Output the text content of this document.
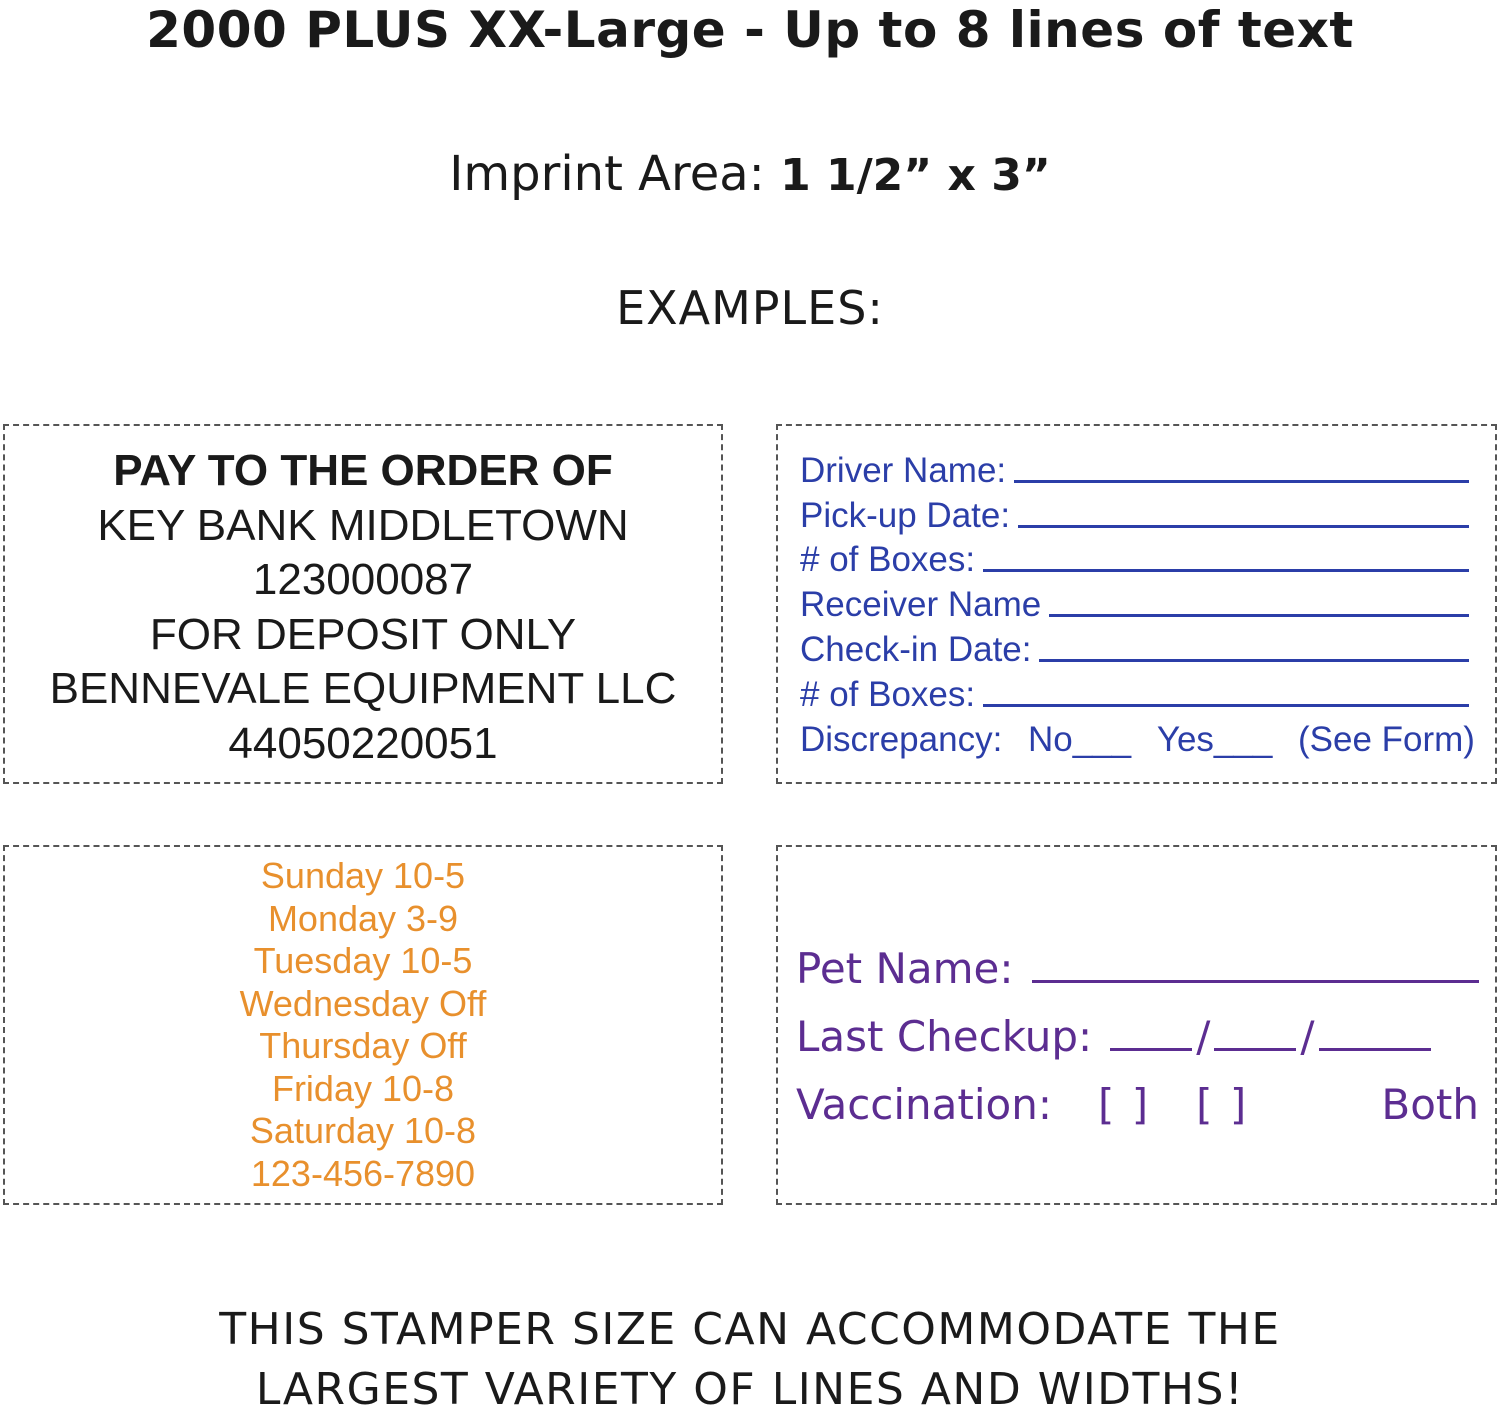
2000 PLUS XX-Large - Up to 8 lines of text
Imprint Area: 1 1/2” x 3”
EXAMPLES:
PAY TO THE ORDER OF
KEY BANK MIDDLETOWN
123000087
FOR DEPOSIT ONLY
BENNEVALE EQUIPMENT LLC
44050220051
Driver Name:
Pick-up Date:
# of Boxes:
Receiver Name
Check-in Date:
# of Boxes:
Discrepancy: No___ Yes___ (See Form)
Sunday 10-5
Monday 3-9
Tuesday 10-5
Wednesday Off
Thursday Off
Friday 10-8
Saturday 10-8
123-456-7890
Pet Name:
Last Checkup:	/ /
Vaccination: [ ] [ ]	Both
THIS STAMPER SIZE CAN ACCOMMODATE THE
LARGEST VARIETY OF LINES AND WIDTHS!
